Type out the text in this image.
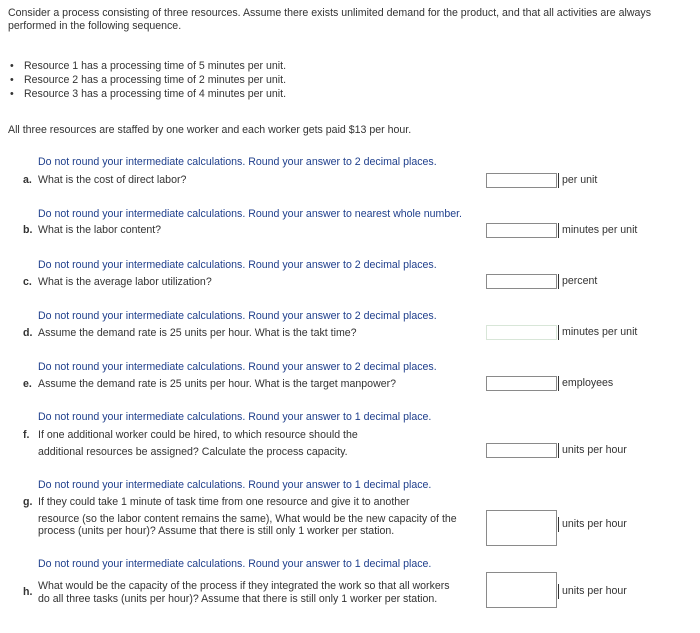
Consider a process consisting of three resources. Assume there exists unlimited demand for the product, and that all activities are always performed in the following sequence.
• Resource 1 has a processing time of 5 minutes per unit.
• Resource 2 has a processing time of 2 minutes per unit.
• Resource 3 has a processing time of 4 minutes per unit.
All three resources are staffed by one worker and each worker gets paid $13 per hour.
Do not round your intermediate calculations. Round your answer to 2 decimal places.
a. What is the cost of direct labor?	per unit
Do not round your intermediate calculations. Round your answer to nearest whole number.
b. What is the labor content?	minutes per unit
Do not round your intermediate calculations. Round your answer to 2 decimal places.
c. What is the average labor utilization?	percent
Do not round your intermediate calculations. Round your answer to 2 decimal places.
d. Assume the demand rate is 25 units per hour. What is the takt time?	minutes per unit
Do not round your intermediate calculations. Round your answer to 2 decimal places.
e. Assume the demand rate is 25 units per hour. What is the target manpower?	employees
Do not round your intermediate calculations. Round your answer to 1 decimal place.
f. If one additional worker could be hired, to which resource should the
additional resources be assigned? Calculate the process capacity.	units per hour
Do not round your intermediate calculations. Round your answer to 1 decimal place.
g. If they could take 1 minute of task time from one resource and give it to another
resource (so the labor content remains the same), What would be the new capacity of the
process (units per hour)? Assume that there is still only 1 worker per station.
units per hour
Do not round your intermediate calculations. Round your answer to 1 decimal place.
h. What would be the capacity of the process if they integrated the work so that all workers
do all three tasks (units per hour)? Assume that there is still only 1 worker per station.
units per hour
